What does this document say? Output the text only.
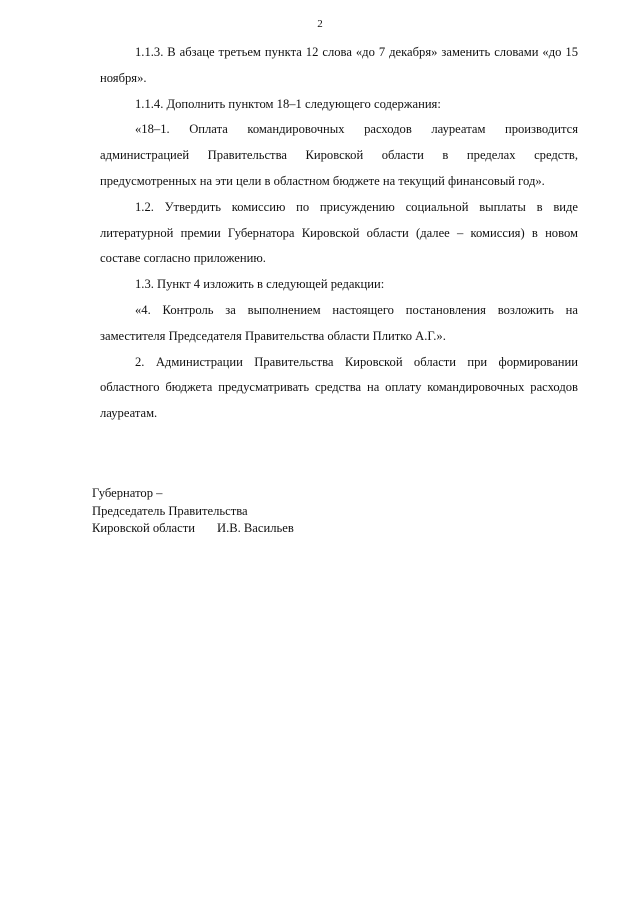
2

1.1.3. В абзаце третьем пункта 12 слова «до 7 декабря» заменить словами «до 15 ноября».

1.1.4. Дополнить пунктом 18–1 следующего содержания:

«18–1. Оплата командировочных расходов лауреатам производится администрацией Правительства Кировской области в пределах средств, предусмотренных на эти цели в областном бюджете на текущий финансовый год».

1.2. Утвердить комиссию по присуждению социальной выплаты в виде литературной премии Губернатора Кировской области (далее – комиссия) в новом составе согласно приложению.

1.3. Пункт 4 изложить в следующей редакции:

«4. Контроль за выполнением настоящего постановления возложить на заместителя Председателя Правительства области Плитко А.Г.».

2. Администрации Правительства Кировской области при формировании областного бюджета предусматривать средства на оплату командировочных расходов лауреатам.

Губернатор –
Председатель Правительства
Кировской области И.В. Васильев
